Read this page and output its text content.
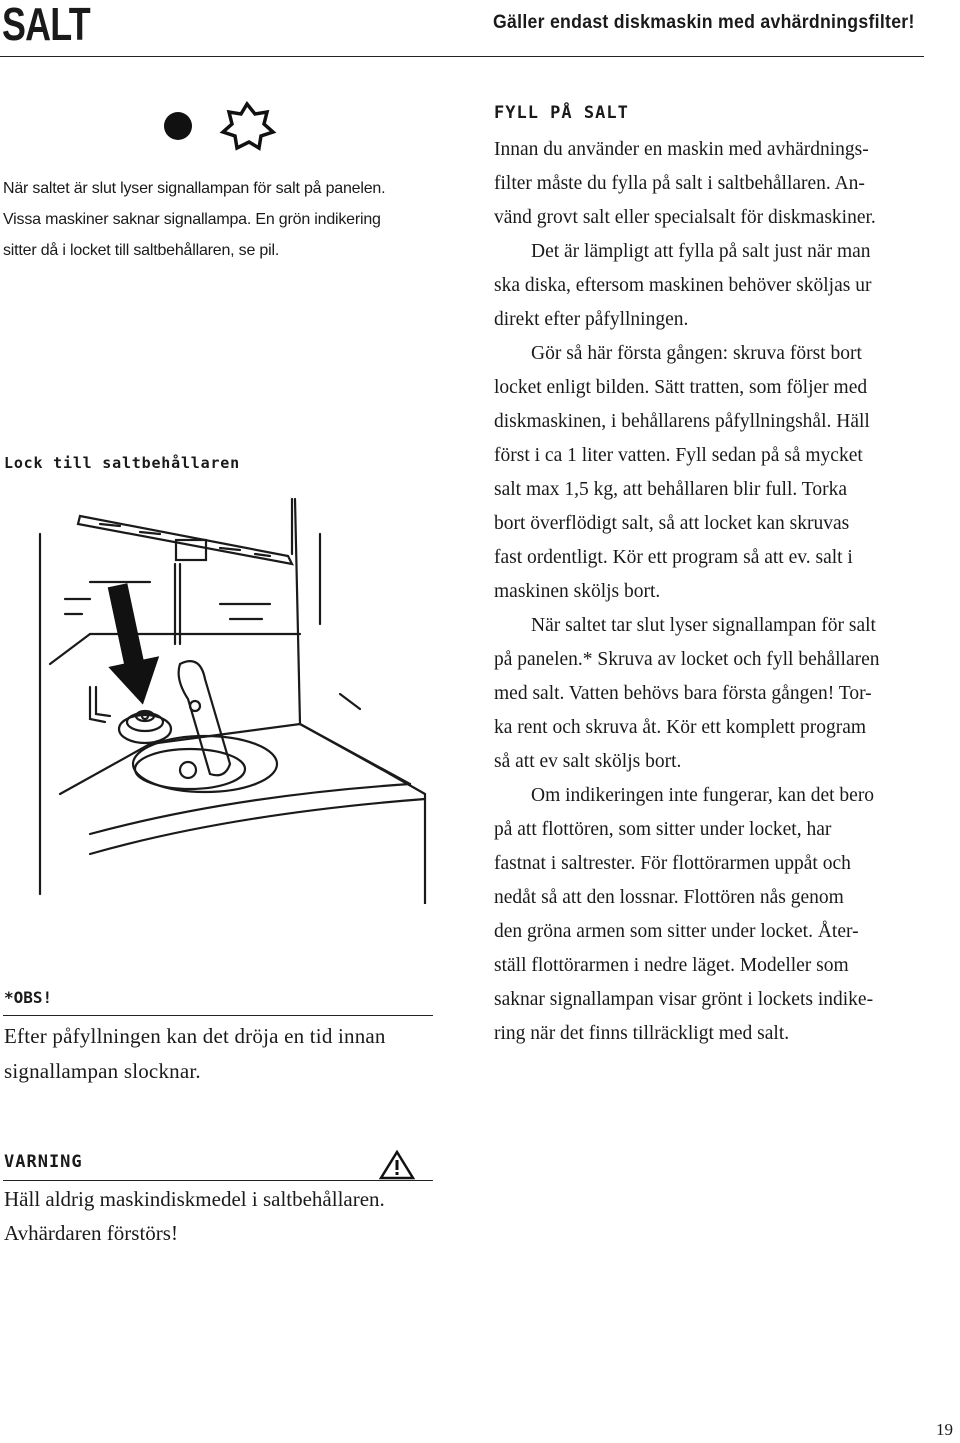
SALT	Gäller endast diskmaskin med avhärdningsfilter!

När saltet är slut lyser signallampan för salt på panelen.
Vissa maskiner saknar signallampa. En grön indikering
sitter då i locket till saltbehållaren, se pil.

Lock till saltbehållaren
*OBS!

Efter påfyllningen kan det dröja en tid innan
signallampan slocknar.

FYLL PÅ SALT

Innan du använder en maskin med avhärdnings-
filter måste du fylla på salt i saltbehållaren. An-
vänd grovt salt eller specialsalt för diskmaskiner.
Det är lämpligt att fylla på salt just när man
ska diska, eftersom maskinen behöver sköljas ur
direkt efter påfyllningen.
Gör så här första gången: skruva först bort
locket enligt bilden. Sätt tratten, som följer med
diskmaskinen, i behållarens påfyllningshål. Häll
först i ca 1 liter vatten. Fyll sedan på så mycket
salt max 1,5 kg, att behållaren blir full. Torka
bort överflödigt salt, så att locket kan skruvas
fast ordentligt. Kör ett program så att ev. salt i
maskinen sköljs bort.
När saltet tar slut lyser signallampan för salt
på panelen.* Skruva av locket och fyll behållaren
med salt. Vatten behövs bara första gången! Tor-
ka rent och skruva åt. Kör ett komplett program
så att ev salt sköljs bort.
Om indikeringen inte fungerar, kan det bero
på att flottören, som sitter under locket, har
fastnat i saltrester. För flottörarmen uppåt och
nedåt så att den lossnar. Flottören nås genom
den gröna armen som sitter under locket. Åter-
ställ flottörarmen i nedre läget. Modeller som
saknar signallampan visar grönt i lockets indike-
ring när det finns tillräckligt med salt.

VARNING

Häll aldrig maskindiskmedel i saltbehållaren.
Avhärdaren förstörs!

19
